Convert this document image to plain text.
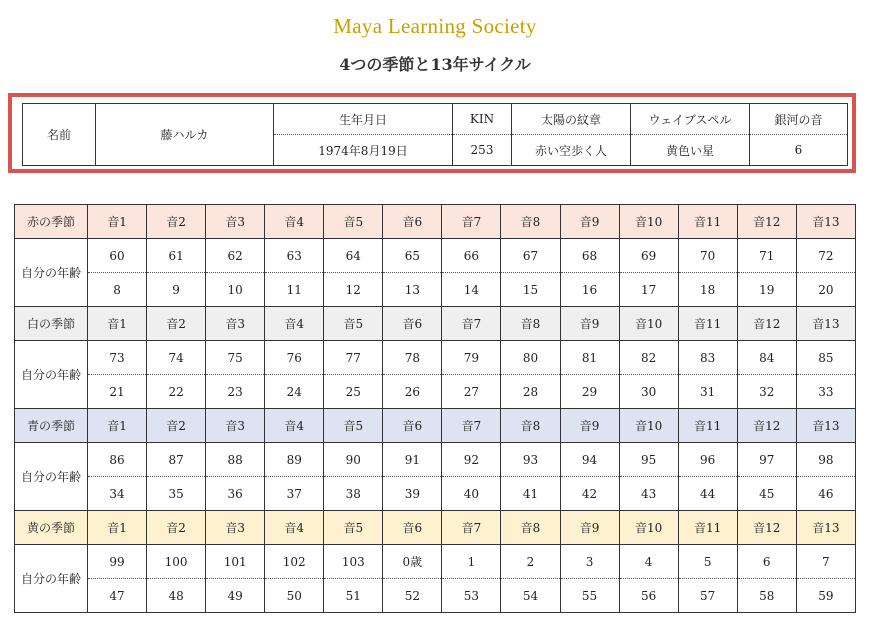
Maya Learning Society
4つの季節と13年サイクル
名前	藤ハルカ	生年月日	KIN	太陽の紋章	ウェイブスペル	銀河の音
		1974年8月19日	253	赤い空歩く人	黄色い星	6
赤の季節	音1	音2	音3	音4	音5	音6	音7	音8	音9	音10	音11	音12	音13
自分の年齢	60	61	62	63	64	65	66	67	68	69	70	71	72
	8	9	10	11	12	13	14	15	16	17	18	19	20
白の季節	音1	音2	音3	音4	音5	音6	音7	音8	音9	音10	音11	音12	音13
自分の年齢	73	74	75	76	77	78	79	80	81	82	83	84	85
	21	22	23	24	25	26	27	28	29	30	31	32	33
青の季節	音1	音2	音3	音4	音5	音6	音7	音8	音9	音10	音11	音12	音13
自分の年齢	86	87	88	89	90	91	92	93	94	95	96	97	98
	34	35	36	37	38	39	40	41	42	43	44	45	46
黄の季節	音1	音2	音3	音4	音5	音6	音7	音8	音9	音10	音11	音12	音13
自分の年齢	99	100	101	102	103	0歳	1	2	3	4	5	6	7
	47	48	49	50	51	52	53	54	55	56	57	58	59
